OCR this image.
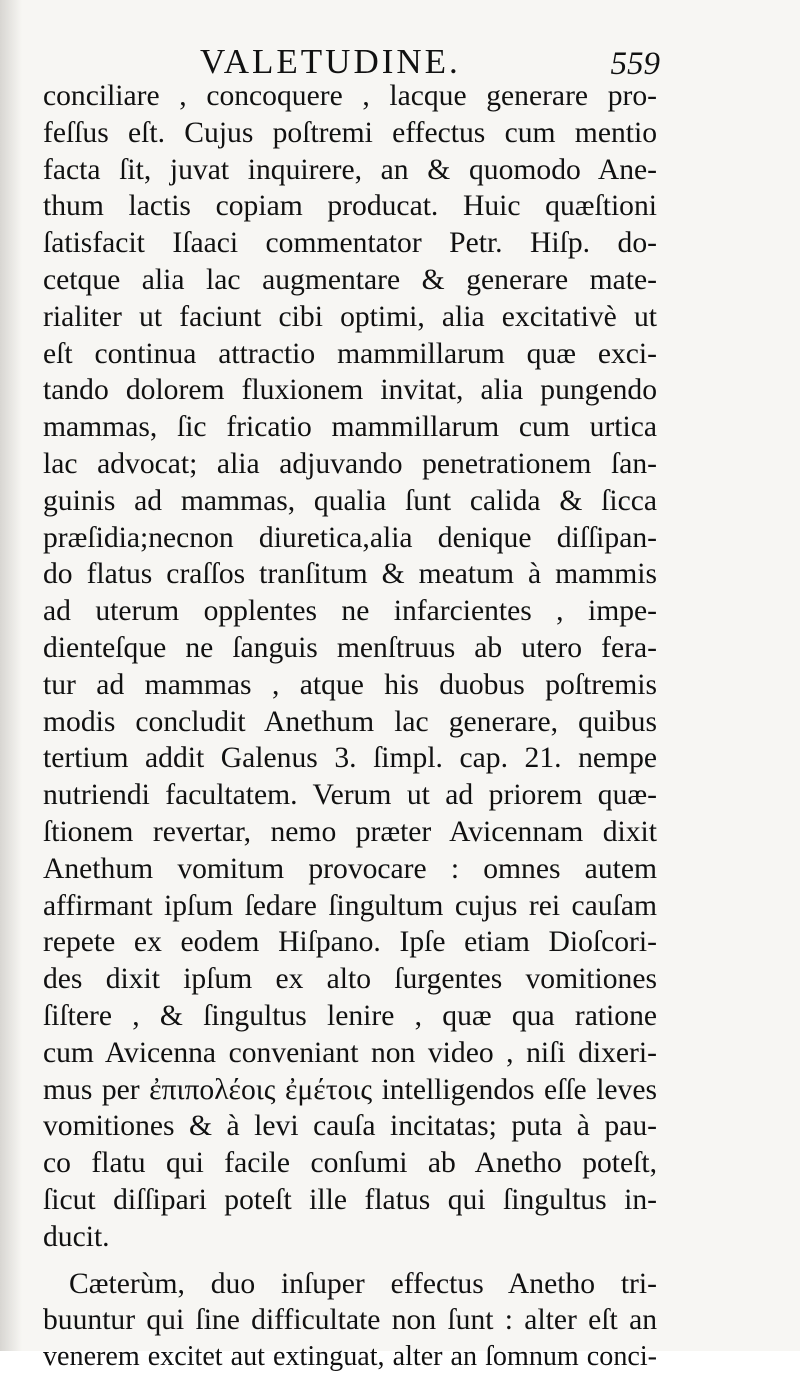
VALETUDINE.	559
conciliare , concoquere , lacque generare pro-
feſſus eſt. Cujus poſtremi effectus cum mentio
facta ſit, juvat inquirere, an & quomodo Ane-
thum lactis copiam producat. Huic quæſtioni
ſatisfacit Iſaaci commentator Petr. Hiſp. do-
cetque alia lac augmentare & generare mate-
rialiter ut faciunt cibi optimi, alia excitativè ut
eſt continua attractio mammillarum quæ exci-
tando dolorem fluxionem invitat, alia pungendo
mammas, ſic fricatio mammillarum cum urtica
lac advocat; alia adjuvando penetrationem ſan-
guinis ad mammas, qualia ſunt calida & ſicca
præſidia;necnon diuretica,alia denique diſſipan-
do flatus craſſos tranſitum & meatum à mammis
ad uterum opplentes ne infarcientes , impe-
dienteſque ne ſanguis menſtruus ab utero fera-
tur ad mammas , atque his duobus poſtremis
modis concludit Anethum lac generare, quibus
tertium addit Galenus 3. ſimpl. cap. 21. nempe
nutriendi facultatem. Verum ut ad priorem quæ-
ſtionem revertar, nemo præter Avicennam dixit
Anethum vomitum provocare : omnes autem
affirmant ipſum ſedare ſingultum cujus rei cauſam
repete ex eodem Hiſpano. Ipſe etiam Dioſcori-
des dixit ipſum ex alto ſurgentes vomitiones
ſiſtere , & ſingultus lenire , quæ qua ratione
cum Avicenna conveniant non video , niſi dixeri-
mus per ἐπιπολέοις ἐμέτοις intelligendos eſſe leves
vomitiones & à levi cauſa incitatas; puta à pau-
co flatu qui facile conſumi ab Anetho poteſt,
ſicut diſſipari poteſt ille flatus qui ſingultus in-
ducit.
Cæterùm, duo inſuper effectus Anetho tri-
buuntur qui ſine difficultate non ſunt : alter eſt an
venerem excitet aut extinguat, alter an ſomnum conci-
